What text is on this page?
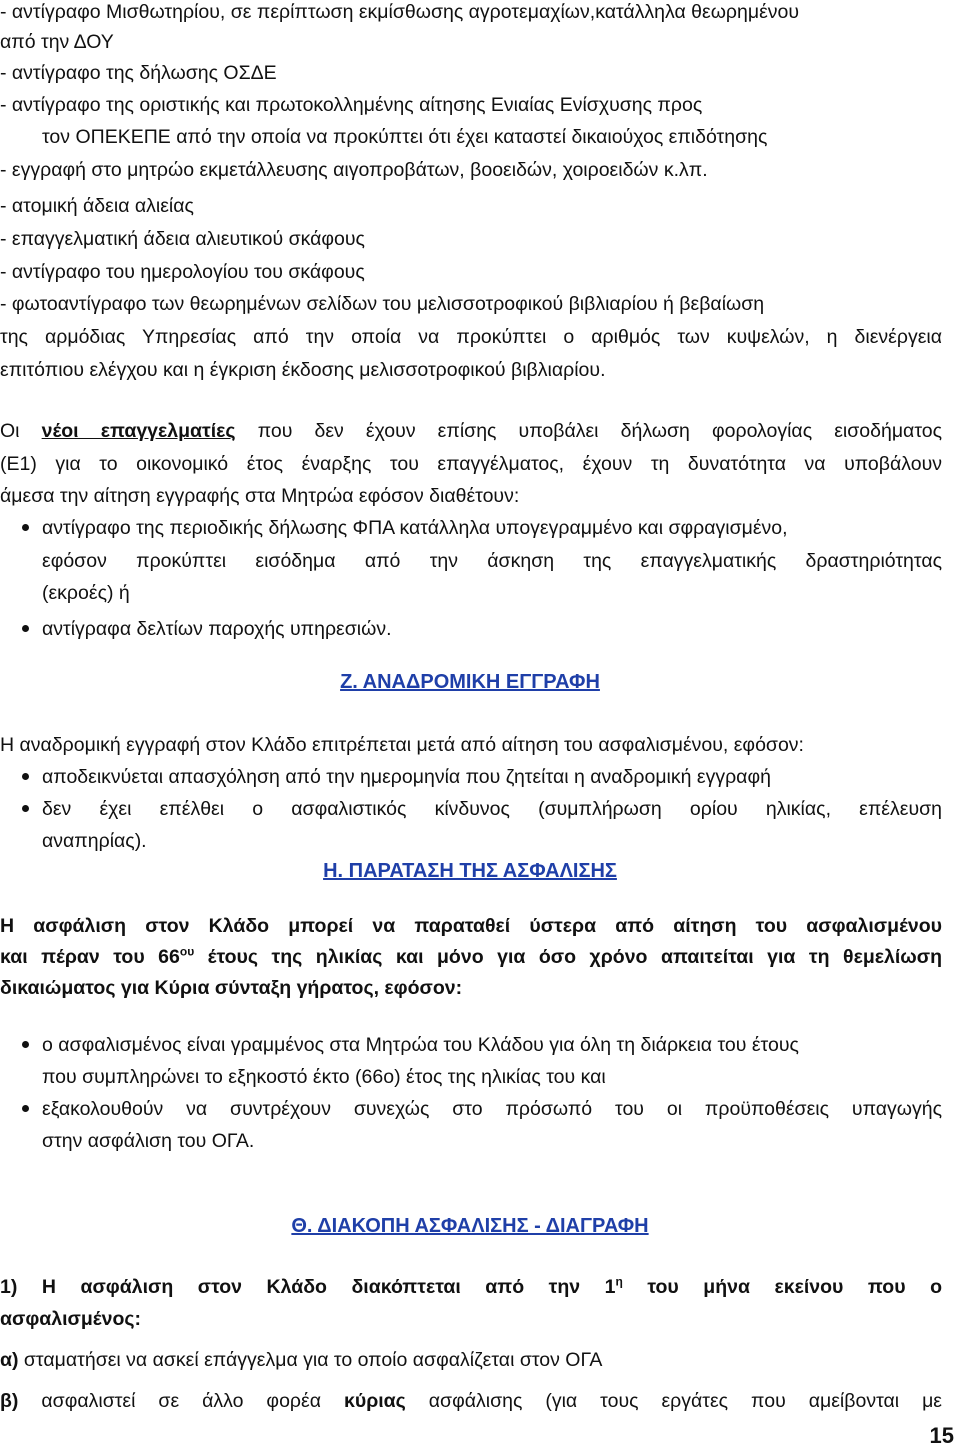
- αντίγραφο Μισθωτηρίου, σε περίπτωση εκμίσθωσης αγροτεμαχίων,κατάλληλα θεωρημένου
από την ΔΟΥ
- αντίγραφο της δήλωσης ΟΣΔΕ
- αντίγραφο της οριστικής και πρωτοκολλημένης αίτησης Ενιαίας Ενίσχυσης προς
τον ΟΠΕΚΕΠΕ από την οποία να προκύπτει ότι έχει καταστεί δικαιούχος επιδότησης
- εγγραφή στο μητρώο εκμετάλλευσης αιγοπροβάτων, βοοειδών, χοιροειδών κ.λπ.
- ατομική άδεια αλιείας
- επαγγελματική άδεια αλιευτικού σκάφους
- αντίγραφο του ημερολογίου του σκάφους
- φωτοαντίγραφο των θεωρημένων σελίδων του μελισσοτροφικού βιβλιαρίου ή βεβαίωση
της αρμόδιας Υπηρεσίας από την οποία να προκύπτει ο αριθμός των κυψελών, η διενέργεια
επιτόπιου ελέγχου και η έγκριση έκδοσης μελισσοτροφικού βιβλιαρίου.
Οι νέοι επαγγελματίες που δεν έχουν επίσης υποβάλει δήλωση φορολογίας εισοδήματος
(Ε1) για το οικονομικό έτος έναρξης του επαγγέλματος, έχουν τη δυνατότητα να υποβάλουν
άμεσα την αίτηση εγγραφής στα Μητρώα εφόσον διαθέτουν:
αντίγραφο της περιοδικής δήλωσης ΦΠΑ κατάλληλα υπογεγραμμένο και σφραγισμένο,
εφόσον προκύπτει εισόδημα από την άσκηση της επαγγελματικής δραστηριότητας
(εκροές) ή
αντίγραφα δελτίων παροχής υπηρεσιών.
Ζ. ΑΝΑΔΡΟΜΙΚΗ ΕΓΓΡΑΦΗ
Η αναδρομική εγγραφή στον Κλάδο επιτρέπεται μετά από αίτηση του ασφαλισμένου, εφόσον:
αποδεικνύεται απασχόληση από την ημερομηνία που ζητείται η αναδρομική εγγραφή
δεν έχει επέλθει ο ασφαλιστικός κίνδυνος (συμπλήρωση ορίου ηλικίας, επέλευση
αναπηρίας).
Η. ΠΑΡΑΤΑΣΗ ΤΗΣ ΑΣΦΑΛΙΣΗΣ
Η ασφάλιση στον Κλάδο μπορεί να παραταθεί ύστερα από αίτηση του ασφαλισμένου
και πέραν του $66^{o\upsilon}$ έτους της ηλικίας και μόνο για όσο χρόνο απαιτείται για τη θεμελίωση
δικαιώματος για Κύρια σύνταξη γήρατος, εφόσον:
ο ασφαλισμένος είναι γραμμένος στα Μητρώα του Κλάδου για όλη τη διάρκεια του έτους
που συμπληρώνει το εξηκοστό έκτο (66ο) έτος της ηλικίας του και
εξακολουθούν να συντρέχουν συνεχώς στο πρόσωπό του οι προϋποθέσεις υπαγωγής
στην ασφάλιση του ΟΓΑ.
Θ. ΔΙΑΚΟΠΗ ΑΣΦΑΛΙΣΗΣ - ΔΙΑΓΡΑΦΗ
1) Η ασφάλιση στον Κλάδο διακόπτεται από την $1^\eta$ του μήνα εκείνου που ο
ασφαλισμένος:
α) σταματήσει να ασκεί επάγγελμα για το οποίο ασφαλίζεται στον ΟΓΑ
β) ασφαλιστεί σε άλλο φορέα κύριας ασφάλισης (για τους εργάτες που αμείβονται με
15
